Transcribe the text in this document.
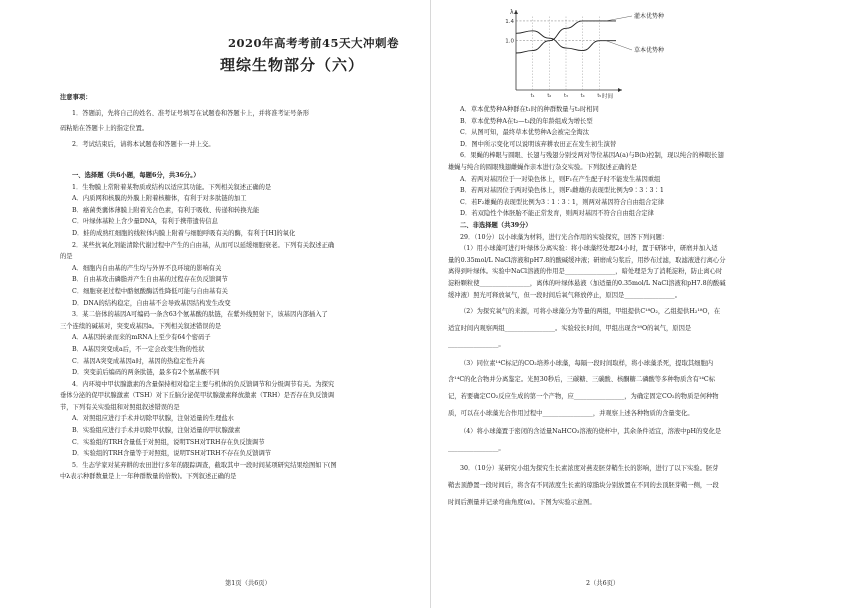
2020年高考考前45天大冲刺卷
理综生物部分（六）

注意事项：

1．答题前，先将自己的姓名、准考证号填写在试题卷和答题卡上，并将准考证号条形

码粘贴在答题卡上的指定位置。

2．考试结束后，请将本试题卷和答题卡一并上交。

一、选择题（共6小题，每题6分，共36分。）

1．生物膜上常附着某物质或结构以适应其功能。下列相关叙述正确的是

A．内质网和核膜的外膜上附着核糖体，有利于对多肽链的加工

B．癌菌类囊体薄膜上附着光合色素，有利于吸收、传递和转换光能

C．叶绿体基粒上含少量DNA，有利于携带遗传信息

D．蛙的成熟红细胞的线粒体内膜上附着与细胞呼吸有关的酶，有利于[H]的氧化

2．某些抗氧化剂能清除代谢过程中产生的自由基，从而可以延缓细胞衰老。下列有关叙述正确

的是

A．细胞内自由基的产生均与外界不良环境的影响有关

B．自由基攻击磷脂并产生自由基的过程存在负反馈调节

C．细胞衰老过程中酪氨酸酶活性降低可能与自由基有关

D．DNA的结构稳定，自由基不会导致基因结构发生改变

3．某二倍体的基因A可编码一条含63个氨基酸的肽链，在紫外线照射下，该基因内部插入了

三个连续的碱基对，突变成基因a。下列相关叙述错误的是

A．A基因转录而来的mRNA上至少有64个密码子

B．A基因突变成a后，不一定会改变生物的性状

C．基因A突变成基因a时，基因的热稳定性升高

D．突变前后编码的两条肽链，最多有2个氨基酸不同

4．内环境中甲状腺激素的含量保持相对稳定主要与机体的负反馈调节和分级调节有关。为探究

垂体分泌的促甲状腺激素（TSH）对下丘脑分泌促甲状腺激素释放激素（TRH）是否存在负反馈调

节，下列有关实验组和对照组叙述错误的是

A．对照组应进行手术并切除甲状腺，注射适量的生理盐水

B．实验组应进行手术并切除甲状腺，注射适量的甲状腺激素

C．实验组的TRH含量低于对照组，说明TSH对TRH存在负反馈调节

D．实验组的TRH含量等于对照组，说明TSH对TRH不存在负反馈调节

5．生态学家对某弃耕的农田进行多年的跟踪调查，截取其中一段时间某项研究结果绘图如下(图

中λ表示种群数量是上一年种群数量的倍数)。下列叙述正确的是

第1页（共6页）
λ
时间
1.4
1.0
t₁	t₂	t₃	t₄	t₅
灌木优势种
草本优势种

A．草本优势种A种群在t₁时的种群数量与t₂时相同

B．草本优势种A在t₂—t₃段的年龄组成为增长型

C．从图可知，最终草本优势种A会被完全淘汰

D．图中所示变化可以说明该弃耕农田正在发生初生演替

6．果蝇的棒眼与圆眼、长翅与残翅分别受两对等位基因A(a)与B(b)控制，现以纯合的棒眼长翅

雄蝇与纯合的圆眼残翅雌蝇作亲本进行杂交实验。下列叙述正确的是

A．若两对基因位于一对染色体上，则F₁在产生配子时不能发生基因重组

B．若两对基因位于两对染色体上，则F₁雌雄的表现型比例为9∶3∶3∶1

C．若F₂雄蝇的表现型比例为3∶1∶3∶1，则两对基因符合自由组合定律

D．若双隐性个体胚胎不能正常发育，则两对基因不符合自由组合定律

二、非选择题（共39分）

29．（10分）以小球藻为材料，进行光合作用的实验探究，回答下列问题：

（1）用小球藻可进行叶绿体分离实验：将小球藻经处理24小时，置于研钵中，研磨并加入适

量的0.35mol/L NaCl溶液和pH7.8的酸碱缓冲液；研磨成匀浆后，用纱布过滤，取滤液进行离心分

离得到叶绿体。实验中NaCl溶液的作用是________________，暗处理是为了消耗淀粉，防止离心时

淀粉颗粒使________________，离体的叶绿体悬液（加适量的0.35mol/L NaCl溶液和pH7.8的酸碱

缓冲液）照光可释放氧气，但一段时间后氧气释放停止，原因是________________。

（2）为探究氧气的来源，可将小球藻分为等量的两组，甲组提供C¹⁸O₂，乙组提供H₂¹⁸O，在

适宜时间内观察两组________________。实验较长时间，甲组出现含¹⁸O的氧气，原因是

________________。

（3）同位素¹⁴C标记的CO₂培养小球藻，每隔一段时间取样，将小球藻杀死，提取其细胞内

含¹⁴C的化合物并分离鉴定。光照30秒后，三碳糖、三碳酸、核酮糖二磷酸等多种物质含有¹⁴C标

记，若要确定CO₂反应生成的第一个产物，应________________，为确定固定CO₂的物质是何种物

质，可以在小球藻光合作用过程中________________，并观察上述各种物质的含量变化。

（4）将小球藻置于密闭的含适量NaHCO₃溶液的烧杯中，其余条件适宜，溶液中pH的变化是

________________。

30．（10分）某研究小组为探究生长素浓度对燕麦胚芽鞘生长的影响，进行了以下实验。胚芽

鞘去顶静置一段时间后，将含有不同浓度生长素的琼脂块分别放置在不同的去顶胚芽鞘一侧，一段

时间后测量并记录弯曲角度(α)。下图为实验示意图。

2（共6页）
